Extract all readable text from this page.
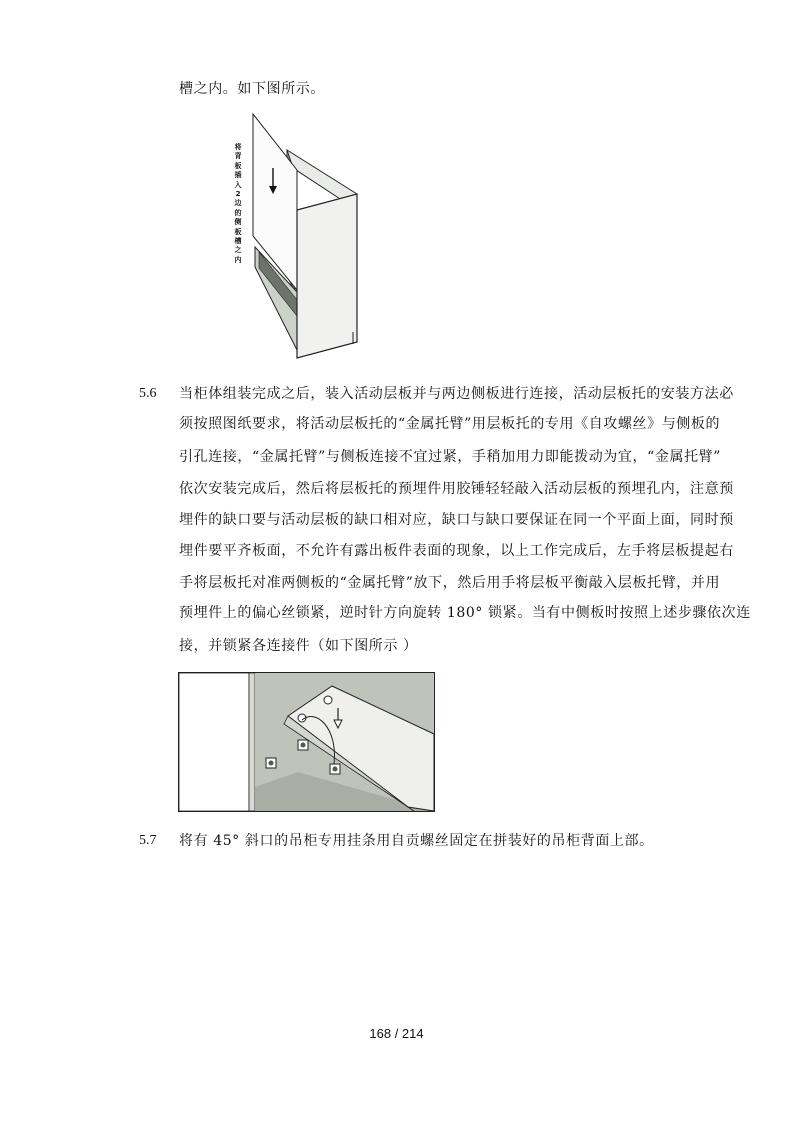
槽之内。如下图所示。
将背板插入2边的侧板槽之内
5.6 当柜体组装完成之后，装入活动层板并与两边侧板进行连接，活动层板托的安装方法必
须按照图纸要求，将活动层板托的“金属托臂”用层板托的专用《自攻螺丝》与侧板的
引孔连接，“金属托臂”与侧板连接不宜过紧，手稍加用力即能拨动为宜，“金属托臂”
依次安装完成后，然后将层板托的预埋件用胶锤轻轻敲入活动层板的预埋孔内，注意预
埋件的缺口要与活动层板的缺口相对应，缺口与缺口要保证在同一个平面上面，同时预
埋件要平齐板面，不允许有露出板件表面的现象，以上工作完成后，左手将层板提起右
手将层板托对准两侧板的“金属托臂”放下，然后用手将层板平衡敲入层板托臂，并用
预埋件上的偏心丝锁紧，逆时针方向旋转 180° 锁紧。当有中侧板时按照上述步骤依次连
接，并锁紧各连接件（如下图所示 ）
5.7 将有 45° 斜口的吊柜专用挂条用自贡螺丝固定在拼装好的吊柜背面上部。
168 / 214
